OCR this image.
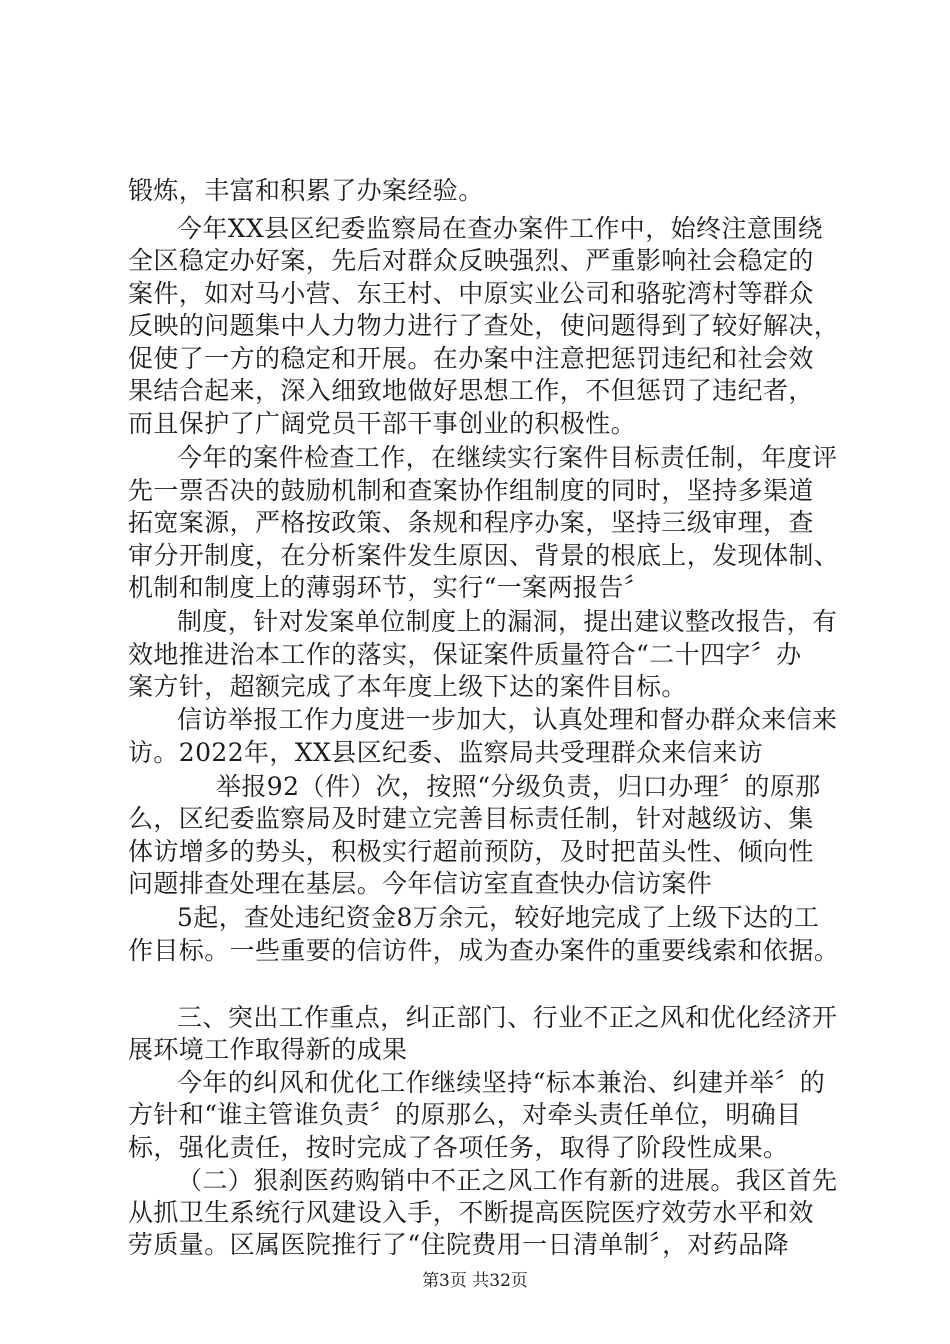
锻炼，丰富和积累了办案经验。
今年XX县区纪委监察局在查办案件工作中，始终注意围绕
全区稳定办好案，先后对群众反映强烈、严重影响社会稳定的
案件，如对马小营、东王村、中原实业公司和骆驼湾村等群众
反映的问题集中人力物力进行了查处，使问题得到了较好解决，
促使了一方的稳定和开展。在办案中注意把惩罚违纪和社会效
果结合起来，深入细致地做好思想工作，不但惩罚了违纪者，
而且保护了广阔党员干部干事创业的积极性。
今年的案件检查工作，在继续实行案件目标责任制，年度评
先一票否决的鼓励机制和查案协作组制度的同时，坚持多渠道
拓宽案源，严格按政策、条规和程序办案，坚持三级审理，查
审分开制度，在分析案件发生原因、背景的根底上，发现体制、
机制和制度上的薄弱环节，实行“一案两报告〞
制度，针对发案单位制度上的漏洞，提出建议整改报告，有
效地推进治本工作的落实，保证案件质量符合“二十四字〞办
案方针，超额完成了本年度上级下达的案件目标。
信访举报工作力度进一步加大，认真处理和督办群众来信来
访。2022年，XX县区纪委、监察局共受理群众来信来访
举报92（件）次，按照“分级负责，归口办理〞的原那
么，区纪委监察局及时建立完善目标责任制，针对越级访、集
体访增多的势头，积极实行超前预防，及时把苗头性、倾向性
问题排查处理在基层。今年信访室直查快办信访案件
5起，查处违纪资金8万余元，较好地完成了上级下达的工
作目标。一些重要的信访件，成为查办案件的重要线索和依据。
三、突出工作重点，纠正部门、行业不正之风和优化经济开
展环境工作取得新的成果
今年的纠风和优化工作继续坚持“标本兼治、纠建并举〞的
方针和“谁主管谁负责〞的原那么，对牵头责任单位，明确目
标，强化责任，按时完成了各项任务，取得了阶段性成果。
（二）狠刹医药购销中不正之风工作有新的进展。我区首先
从抓卫生系统行风建设入手，不断提高医院医疗效劳水平和效
劳质量。区属医院推行了“住院费用一日清单制〞，对药品降
第3页 共32页
